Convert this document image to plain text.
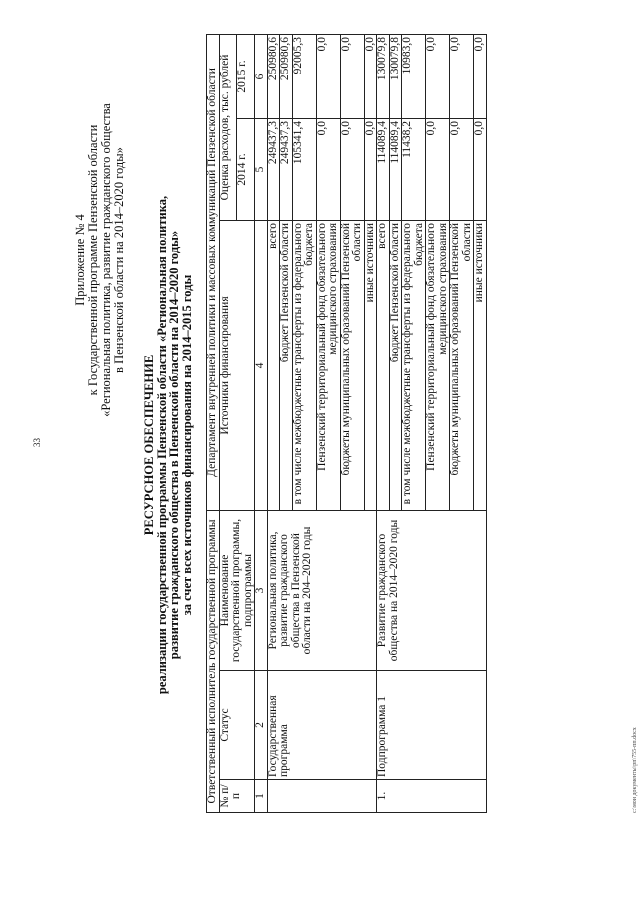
33
Приложение № 4 к Государственной программе Пензенской области «Региональная политика, развитие гражданского общества в Пензенской области на 2014–2020 годы»
РЕСУРСНОЕ ОБЕСПЕЧЕНИЕ
реализации государственной программы Пензенской области «Региональная политика,
развитие гражданского общества в Пензенской области на 2014–2020 годы»
за счет всех источников финансирования на 2014–2015 годы
Ответственный исполнитель государственной программы			Департамент внутренней политики и массовых коммуникаций Пензенской области		
№ п/п	Статус	Наименование государственной программы, подпрограммы	Источники финансирования	Оценка расходов, тыс. рублей	
				2014 г.	2015 г.
1	2	3	4	5	6
	Государственная программа	Региональная политика, развитие гражданского общества в Пензенской области на 204–2020 годы	всего	249437,3	250980,6
			бюджет Пензенской области	249437,3	250980,6
			в том числе межбюджетные трансферты из федерального бюджета	105341,4	92005,3
			Пензенский территориальный фонд обязательного медицинского страхования	0,0	0,0
			бюджеты муниципальных образований Пензенской области	0,0	0,0
			иные источники	0,0	0,0
1.	Подпрограмма 1	Развитие гражданского общества на 2014–2020 годы	всего	114089,4	130079,8
			бюджет Пензенской области	114089,4	130079,8
			в том числе межбюджетные трансферты из федерального бюджета	11438,2	10983,0
			Пензенский территориальный фонд обязательного медицинского страхования	0,0	0,0
			бюджеты муниципальных образований Пензенской области	0,0	0,0
			иные источники	0,0	0,0
c:\мои документы\рп\755-пп.docx
